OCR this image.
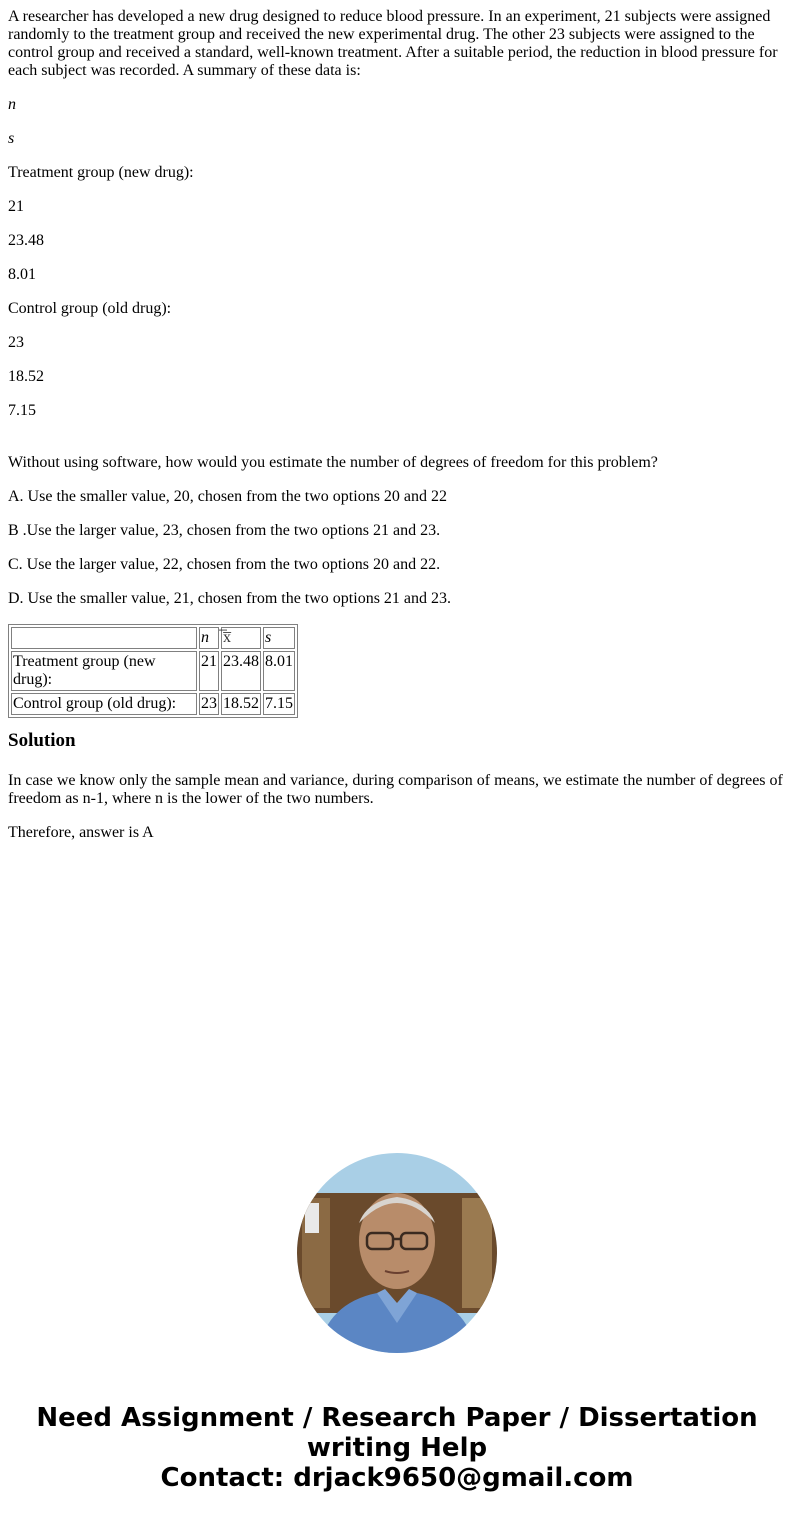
A researcher has developed a new drug designed to reduce blood pressure. In an experiment, 21 subjects were assigned randomly to the treatment group and received the new experimental drug. The other 23 subjects were assigned to the control group and received a standard, well-known treatment. After a suitable period, the reduction in blood pressure for each subject was recorded. A summary of these data is:

n

s

Treatment group (new drug):

21

23.48

8.01

Control group (old drug):

23

18.52

7.15

Without using software, how would you estimate the number of degrees of freedom for this problem?

A. Use the smaller value, 20, chosen from the two options 20 and 22

B .Use the larger value, 23, chosen from the two options 21 and 23.

C. Use the larger value, 22, chosen from the two options 20 and 22.

D. Use the smaller value, 21, chosen from the two options 21 and 23.

	n	̅x̅	s
Treatment group (new drug):	21	23.48	8.01
Control group (old drug):	23	18.52	7.15
Solution

In case we know only the sample mean and variance, during comparison of means, we estimate the number of degrees of freedom as n-1, where n is the lower of the two numbers.

Therefore, answer is A

Need Assignment / Research Paper / Dissertation
writing Help
Contact: drjack9650@gmail.com
